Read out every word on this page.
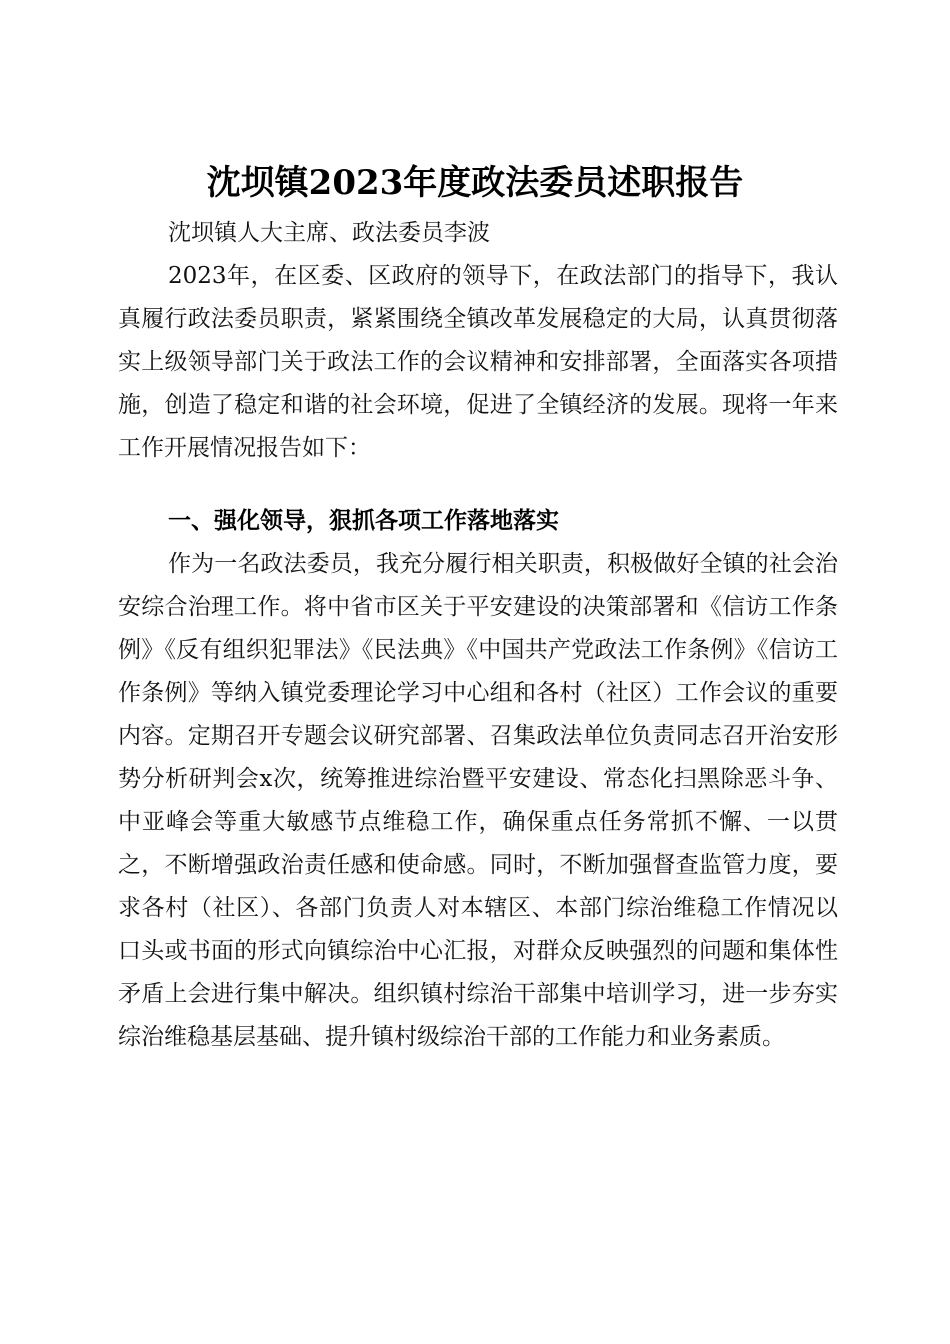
沈坝镇2023年度政法委员述职报告

沈坝镇人大主席、政法委员李波

2023年，在区委、区政府的领导下，在政法部门的指导下，我认真履行政法委员职责，紧紧围绕全镇改革发展稳定的大局，认真贯彻落实上级领导部门关于政法工作的会议精神和安排部署，全面落实各项措施，创造了稳定和谐的社会环境，促进了全镇经济的发展。现将一年来工作开展情况报告如下：

一、强化领导，狠抓各项工作落地落实

作为一名政法委员，我充分履行相关职责，积极做好全镇的社会治安综合治理工作。将中省市区关于平安建设的决策部署和《信访工作条例》《反有组织犯罪法》《民法典》《中国共产党政法工作条例》《信访工作条例》等纳入镇党委理论学习中心组和各村（社区）工作会议的重要内容。定期召开专题会议研究部署、召集政法单位负责同志召开治安形势分析研判会x次，统筹推进综治暨平安建设、常态化扫黑除恶斗争、中亚峰会等重大敏感节点维稳工作，确保重点任务常抓不懈、一以贯之，不断增强政治责任感和使命感。同时，不断加强督查监管力度，要求各村（社区）、各部门负责人对本辖区、本部门综治维稳工作情况以口头或书面的形式向镇综治中心汇报，对群众反映强烈的问题和集体性矛盾上会进行集中解决。组织镇村综治干部集中培训学习，进一步夯实综治维稳基层基础、提升镇村级综治干部的工作能力和业务素质。
